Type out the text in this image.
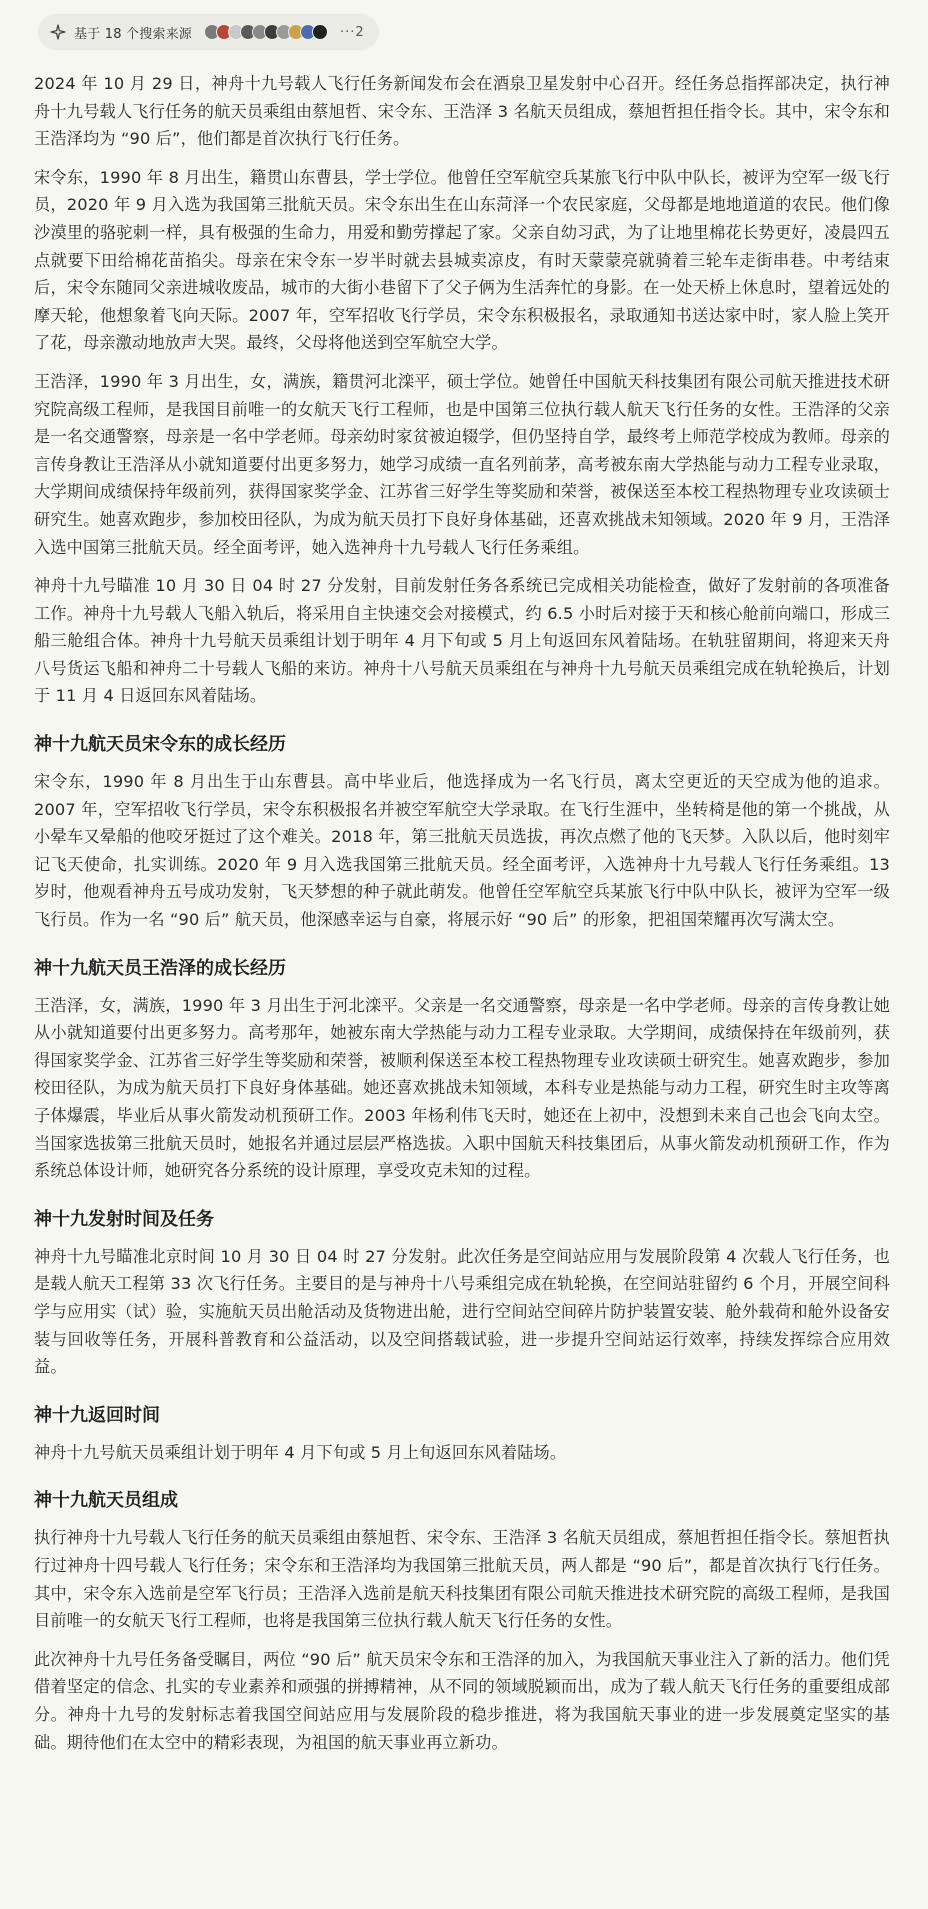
基于 18 个搜索来源	···2

2024 年 10 月 29 日，神舟十九号载人飞行任务新闻发布会在酒泉卫星发射中心召开。经任务总指挥部决定，执行神舟十九号载人飞行任务的航天员乘组由蔡旭哲、宋令东、王浩泽 3 名航天员组成，蔡旭哲担任指令长。其中，宋令东和王浩泽均为 “90 后”，他们都是首次执行飞行任务。

宋令东，1990 年 8 月出生，籍贯山东曹县，学士学位。他曾任空军航空兵某旅飞行中队中队长，被评为空军一级飞行员，2020 年 9 月入选为我国第三批航天员。宋令东出生在山东菏泽一个农民家庭，父母都是地地道道的农民。他们像沙漠里的骆驼刺一样，具有极强的生命力，用爱和勤劳撑起了家。父亲自幼习武，为了让地里棉花长势更好，凌晨四五点就要下田给棉花苗掐尖。母亲在宋令东一岁半时就去县城卖凉皮，有时天蒙蒙亮就骑着三轮车走街串巷。中考结束后，宋令东随同父亲进城收废品，城市的大街小巷留下了父子俩为生活奔忙的身影。在一处天桥上休息时，望着远处的摩天轮，他想象着飞向天际。2007 年，空军招收飞行学员，宋令东积极报名，录取通知书送达家中时，家人脸上笑开了花，母亲激动地放声大哭。最终，父母将他送到空军航空大学。

王浩泽，1990 年 3 月出生，女，满族，籍贯河北滦平，硕士学位。她曾任中国航天科技集团有限公司航天推进技术研究院高级工程师，是我国目前唯一的女航天飞行工程师，也是中国第三位执行载人航天飞行任务的女性。王浩泽的父亲是一名交通警察，母亲是一名中学老师。母亲幼时家贫被迫辍学，但仍坚持自学，最终考上师范学校成为教师。母亲的言传身教让王浩泽从小就知道要付出更多努力，她学习成绩一直名列前茅，高考被东南大学热能与动力工程专业录取，大学期间成绩保持年级前列，获得国家奖学金、江苏省三好学生等奖励和荣誉，被保送至本校工程热物理专业攻读硕士研究生。她喜欢跑步，参加校田径队，为成为航天员打下良好身体基础，还喜欢挑战未知领域。2020 年 9 月，王浩泽入选中国第三批航天员。经全面考评，她入选神舟十九号载人飞行任务乘组。

神舟十九号瞄准 10 月 30 日 04 时 27 分发射，目前发射任务各系统已完成相关功能检查，做好了发射前的各项准备工作。神舟十九号载人飞船入轨后，将采用自主快速交会对接模式，约 6.5 小时后对接于天和核心舱前向端口，形成三船三舱组合体。神舟十九号航天员乘组计划于明年 4 月下旬或 5 月上旬返回东风着陆场。在轨驻留期间，将迎来天舟八号货运飞船和神舟二十号载人飞船的来访。神舟十八号航天员乘组在与神舟十九号航天员乘组完成在轨轮换后，计划于 11 月 4 日返回东风着陆场。

神十九航天员宋令东的成长经历

宋令东，1990 年 8 月出生于山东曹县。高中毕业后，他选择成为一名飞行员，离太空更近的天空成为他的追求。2007 年，空军招收飞行学员，宋令东积极报名并被空军航空大学录取。在飞行生涯中，坐转椅是他的第一个挑战，从小晕车又晕船的他咬牙挺过了这个难关。2018 年，第三批航天员选拔，再次点燃了他的飞天梦。入队以后，他时刻牢记飞天使命，扎实训练。2020 年 9 月入选我国第三批航天员。经全面考评，入选神舟十九号载人飞行任务乘组。13 岁时，他观看神舟五号成功发射，飞天梦想的种子就此萌发。他曾任空军航空兵某旅飞行中队中队长，被评为空军一级飞行员。作为一名 “90 后” 航天员，他深感幸运与自豪，将展示好 “90 后” 的形象，把祖国荣耀再次写满太空。

神十九航天员王浩泽的成长经历

王浩泽，女，满族，1990 年 3 月出生于河北滦平。父亲是一名交通警察，母亲是一名中学老师。母亲的言传身教让她从小就知道要付出更多努力。高考那年，她被东南大学热能与动力工程专业录取。大学期间，成绩保持在年级前列，获得国家奖学金、江苏省三好学生等奖励和荣誉，被顺利保送至本校工程热物理专业攻读硕士研究生。她喜欢跑步，参加校田径队，为成为航天员打下良好身体基础。她还喜欢挑战未知领域，本科专业是热能与动力工程，研究生时主攻等离子体爆震，毕业后从事火箭发动机预研工作。2003 年杨利伟飞天时，她还在上初中，没想到未来自己也会飞向太空。当国家选拔第三批航天员时，她报名并通过层层严格选拔。入职中国航天科技集团后，从事火箭发动机预研工作，作为系统总体设计师，她研究各分系统的设计原理，享受攻克未知的过程。

神十九发射时间及任务

神舟十九号瞄准北京时间 10 月 30 日 04 时 27 分发射。此次任务是空间站应用与发展阶段第 4 次载人飞行任务，也是载人航天工程第 33 次飞行任务。主要目的是与神舟十八号乘组完成在轨轮换，在空间站驻留约 6 个月，开展空间科学与应用实（试）验，实施航天员出舱活动及货物进出舱，进行空间站空间碎片防护装置安装、舱外载荷和舱外设备安装与回收等任务，开展科普教育和公益活动，以及空间搭载试验，进一步提升空间站运行效率，持续发挥综合应用效益。

神十九返回时间

神舟十九号航天员乘组计划于明年 4 月下旬或 5 月上旬返回东风着陆场。

神十九航天员组成

执行神舟十九号载人飞行任务的航天员乘组由蔡旭哲、宋令东、王浩泽 3 名航天员组成，蔡旭哲担任指令长。蔡旭哲执行过神舟十四号载人飞行任务；宋令东和王浩泽均为我国第三批航天员，两人都是 “90 后”，都是首次执行飞行任务。其中，宋令东入选前是空军飞行员；王浩泽入选前是航天科技集团有限公司航天推进技术研究院的高级工程师，是我国目前唯一的女航天飞行工程师，也将是我国第三位执行载人航天飞行任务的女性。

此次神舟十九号任务备受瞩目，两位 “90 后” 航天员宋令东和王浩泽的加入，为我国航天事业注入了新的活力。他们凭借着坚定的信念、扎实的专业素养和顽强的拼搏精神，从不同的领域脱颖而出，成为了载人航天飞行任务的重要组成部分。神舟十九号的发射标志着我国空间站应用与发展阶段的稳步推进，将为我国航天事业的进一步发展奠定坚实的基础。期待他们在太空中的精彩表现，为祖国的航天事业再立新功。
